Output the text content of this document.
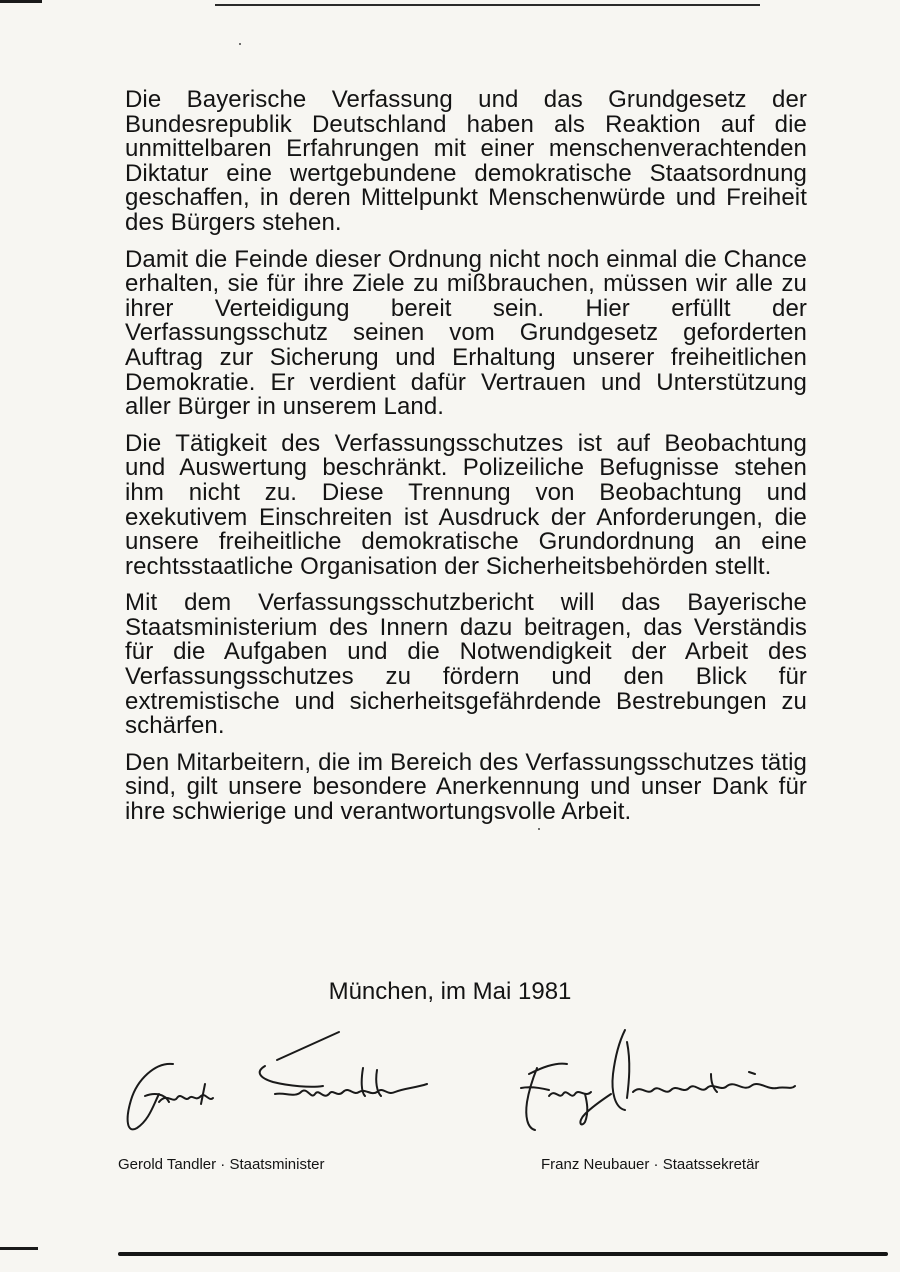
Die Bayerische Verfassung und das Grundgesetz der Bundesrepublik Deutschland haben als Reaktion auf die unmittelbaren Erfahrungen mit einer menschenverachtenden Diktatur eine wertgebundene demokratische Staatsordnung geschaffen, in deren Mittelpunkt Menschenwürde und Freiheit des Bürgers stehen.

Damit die Feinde dieser Ordnung nicht noch einmal die Chance erhalten, sie für ihre Ziele zu mißbrauchen, müssen wir alle zu ihrer Verteidigung bereit sein. Hier erfüllt der Verfassungsschutz seinen vom Grundgesetz geforderten Auftrag zur Sicherung und Erhaltung unserer freiheitlichen Demokratie. Er verdient dafür Vertrauen und Unterstützung aller Bürger in unserem Land.

Die Tätigkeit des Verfassungsschutzes ist auf Beobachtung und Auswertung beschränkt. Polizeiliche Befugnisse stehen ihm nicht zu. Diese Trennung von Beobachtung und exekutivem Einschreiten ist Ausdruck der Anforderungen, die unsere freiheitliche demokratische Grundordnung an eine rechtsstaatliche Organisation der Sicherheitsbehörden stellt.

Mit dem Verfassungsschutzbericht will das Bayerische Staatsministerium des Innern dazu beitragen, das Verständis für die Aufgaben und die Notwendigkeit der Arbeit des Verfassungsschutzes zu fördern und den Blick für extremistische und sicherheitsgefährdende Bestrebungen zu schärfen.

Den Mitarbeitern, die im Bereich des Verfassungsschutzes tätig sind, gilt unsere besondere Anerkennung und unser Dank für ihre schwierige und verantwortungsvolle Arbeit.

München, im Mai 1981
Gerold Tandler · Staatsminister	Franz Neubauer · Staatssekretär
